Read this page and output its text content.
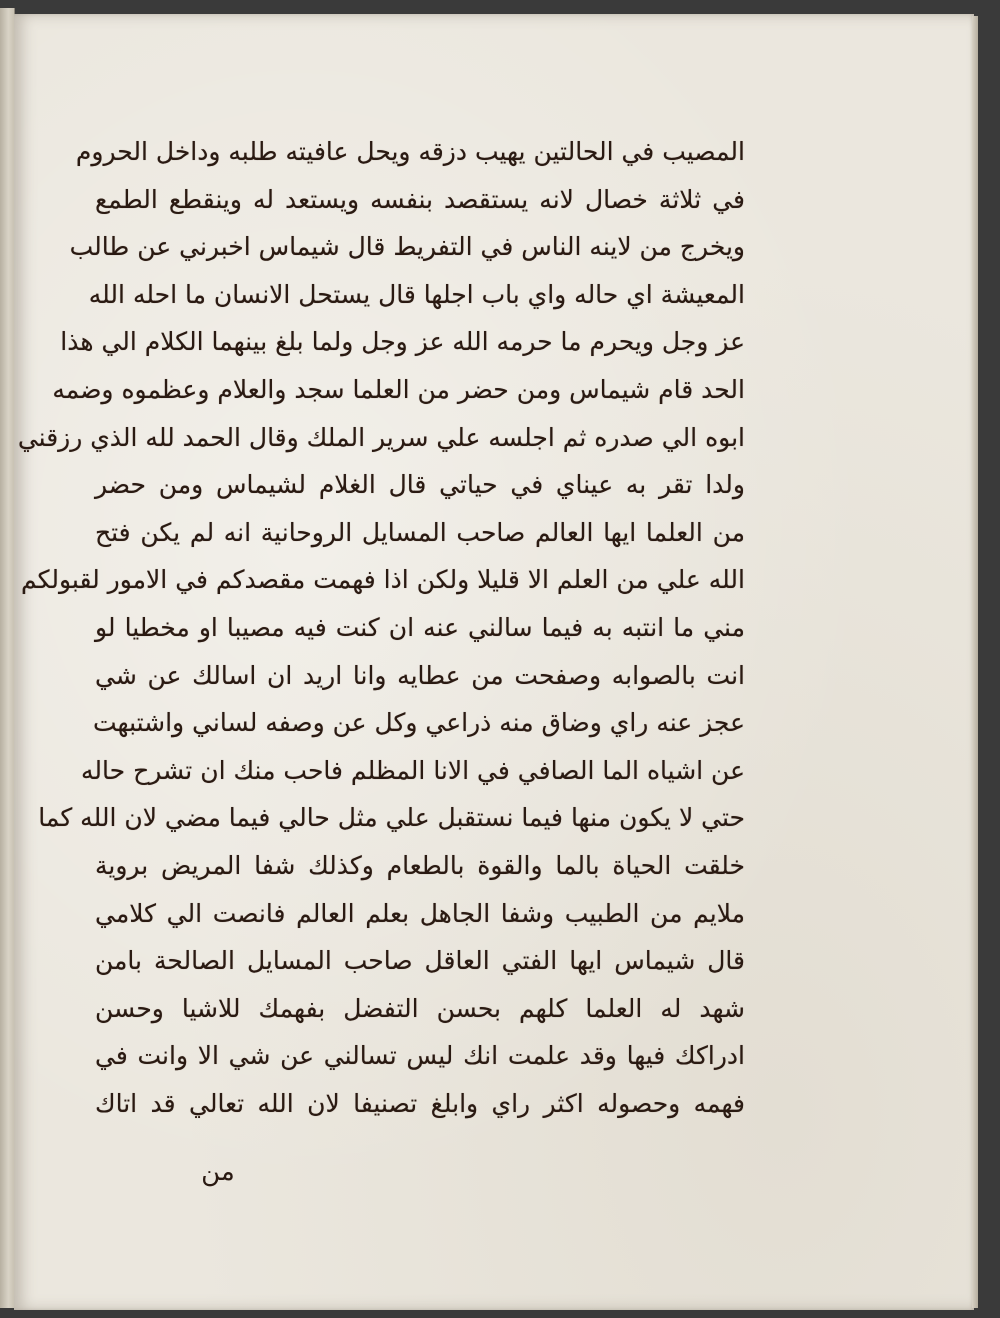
المصيب في الحالتين يهيب دزقه ويحل عافيته طلبه وداخل الحروم
في ثلاثة خصال لانه يستقصد بنفسه ويستعد له وينقطع الطمع
ويخرج من لاينه الناس في التفريط قال شيماس اخبرني عن طالب
المعيشة اي حاله واي باب اجلها قال يستحل الانسان ما احله الله
عز وجل ويحرم ما حرمه الله عز وجل ولما بلغ بينهما الكلام الي هذا
الحد قام شيماس ومن حضر من العلما سجد والعلام وعظموه وضمه
ابوه الي صدره ثم اجلسه علي سرير الملك وقال الحمد لله الذي رزقني
ولدا تقر به عيناي في حياتي قال الغلام لشيماس ومن حضر
من العلما ايها العالم صاحب المسايل الروحانية انه لم يكن فتح
الله علي من العلم الا قليلا ولكن اذا فهمت مقصدكم في الامور لقبولكم
مني ما انتبه به فيما سالني عنه ان كنت فيه مصيبا او مخطيا لو
انت بالصوابه وصفحت من عطايه وانا اريد ان اسالك عن شي
عجز عنه راي وضاق منه ذراعي وكل عن وصفه لساني واشتبهت
عن اشياه الما الصافي في الانا المظلم فاحب منك ان تشرح حاله
حتي لا يكون منها فيما نستقبل علي مثل حالي فيما مضي لان الله كما
خلقت الحياة بالما والقوة بالطعام وكذلك شفا المريض بروية
ملايم من الطبيب وشفا الجاهل بعلم العالم فانصت الي كلامي
قال شيماس ايها الفتي العاقل صاحب المسايل الصالحة بامن
شهد له العلما كلهم بحسن التفضل بفهمك للاشيا وحسن
ادراكك فيها وقد علمت انك ليس تسالني عن شي الا وانت في
فهمه وحصوله اكثر راي وابلغ تصنيفا لان الله تعالي قد اتاك
من
